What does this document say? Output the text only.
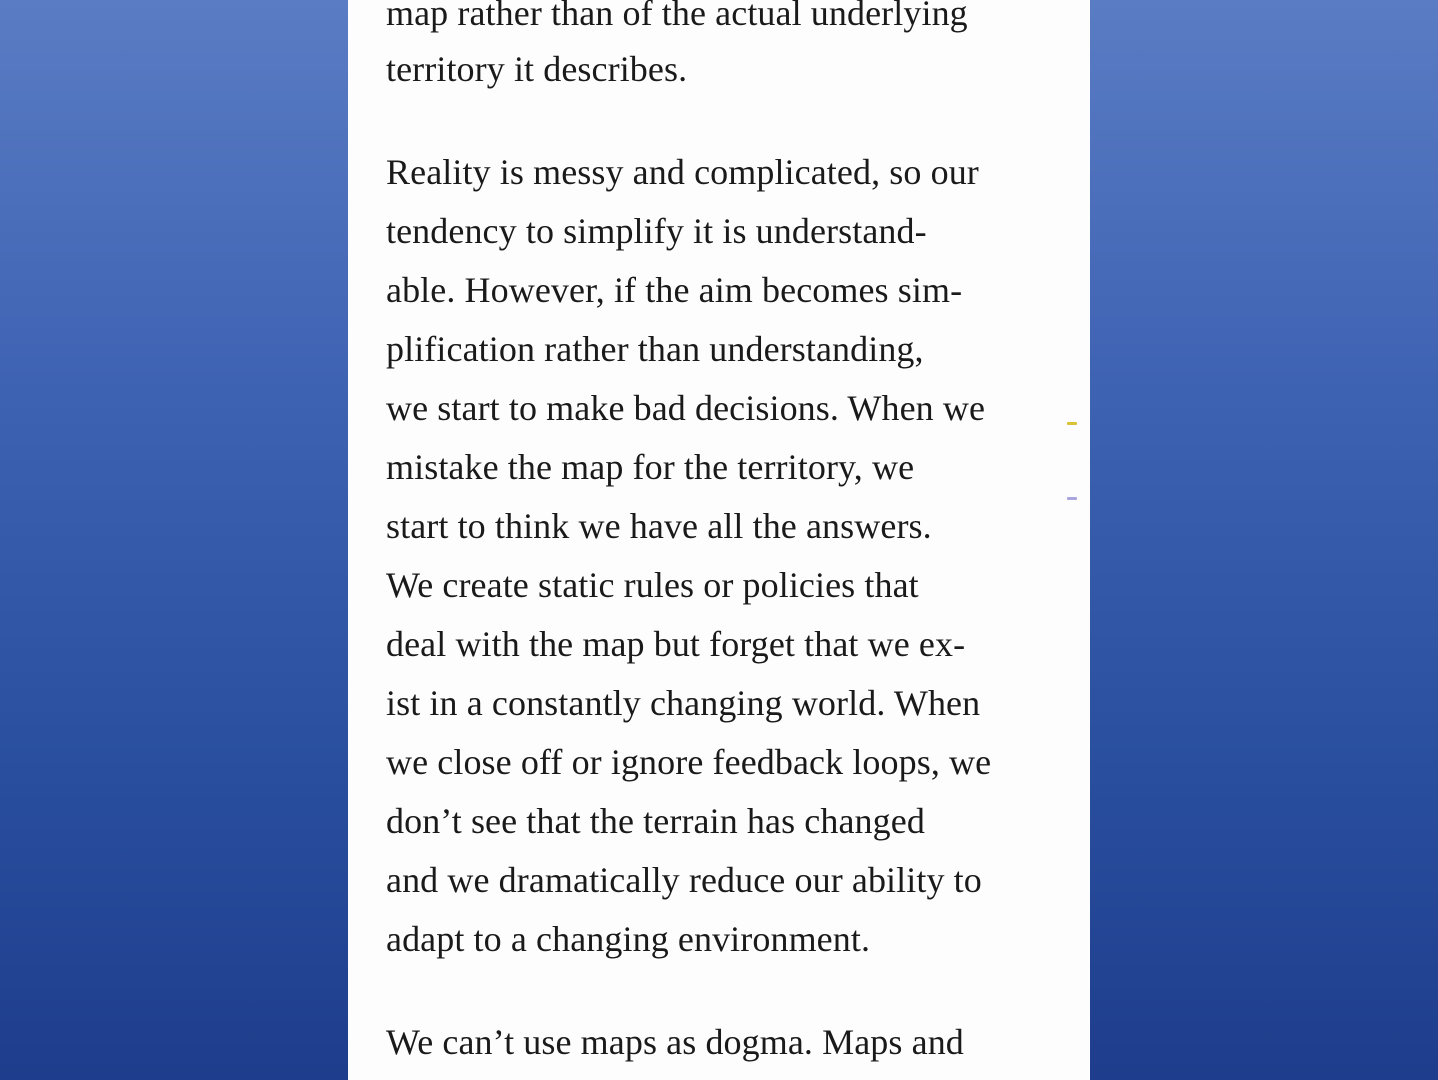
map rather than of the actual underlying
territory it describes.
Reality is messy and complicated, so our
tendency to simplify it is understand-
able. However, if the aim becomes sim-
plification rather than understanding,
we start to make bad decisions. When we
mistake the map for the territory, we
start to think we have all the answers.
We create static rules or policies that
deal with the map but forget that we ex-
ist in a constantly changing world. When
we close off or ignore feedback loops, we
don’t see that the terrain has changed
and we dramatically reduce our ability to
adapt to a changing environment.
We can’t use maps as dogma. Maps and
